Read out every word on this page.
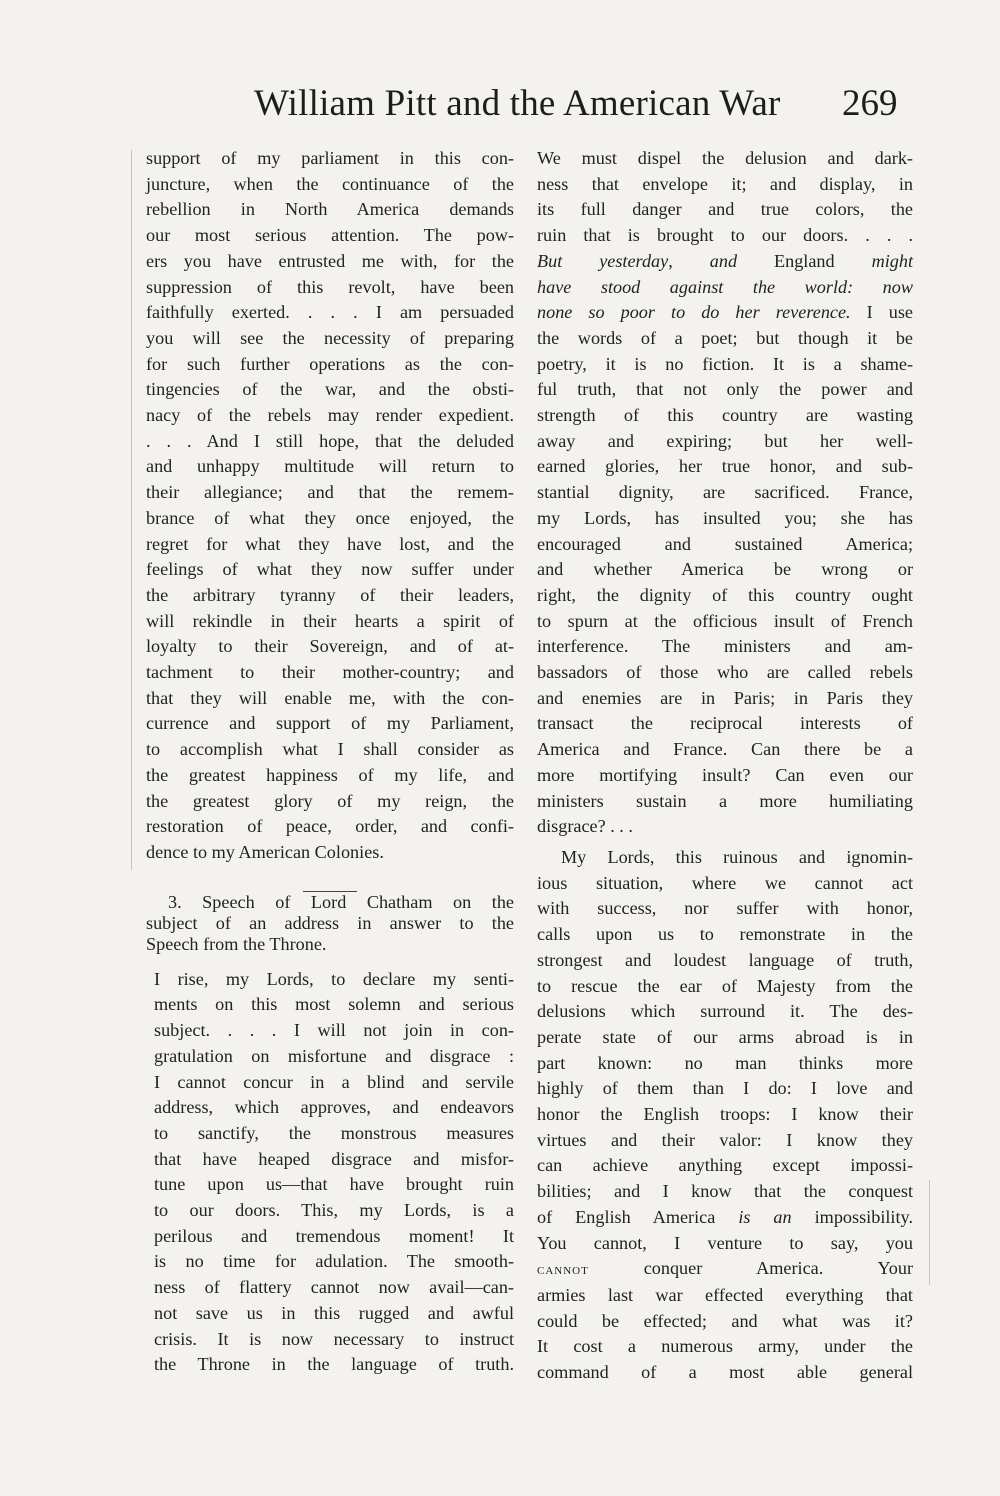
William Pitt and the American War 269

support of my parliament in this con-
juncture, when the continuance of the
rebellion in North America demands
our most serious attention. The pow-
ers you have entrusted me with, for the
suppression of this revolt, have been
faithfully exerted. . . . I am persuaded
you will see the necessity of preparing
for such further operations as the con-
tingencies of the war, and the obsti-
nacy of the rebels may render expedient.
. . . And I still hope, that the deluded
and unhappy multitude will return to
their allegiance; and that the remem-
brance of what they once enjoyed, the
regret for what they have lost, and the
feelings of what they now suffer under
the arbitrary tyranny of their leaders,
will rekindle in their hearts a spirit of
loyalty to their Sovereign, and of at-
tachment to their mother-country; and
that they will enable me, with the con-
currence and support of my Parliament,
to accomplish what I shall consider as
the greatest happiness of my life, and
the greatest glory of my reign, the
restoration of peace, order, and confi-
dence to my American Colonies.

3. Speech of Lord Chatham on the
subject of an address in answer to the
Speech from the Throne.

I rise, my Lords, to declare my senti-
ments on this most solemn and serious
subject. . . . I will not join in con-
gratulation on misfortune and disgrace :
I cannot concur in a blind and servile
address, which approves, and endeavors
to sanctify, the monstrous measures
that have heaped disgrace and misfor-
tune upon us—that have brought ruin
to our doors. This, my Lords, is a
perilous and tremendous moment! It
is no time for adulation. The smooth-
ness of flattery cannot now avail—can-
not save us in this rugged and awful
crisis. It is now necessary to instruct
the Throne in the language of truth.

We must dispel the delusion and dark-
ness that envelope it; and display, in
its full danger and true colors, the
ruin that is brought to our doors. . . .
But yesterday, and England might
have stood against the world: now
none so poor to do her reverence. I use
the words of a poet; but though it be
poetry, it is no fiction. It is a shame-
ful truth, that not only the power and
strength of this country are wasting
away and expiring; but her well-
earned glories, her true honor, and sub-
stantial dignity, are sacrificed. France,
my Lords, has insulted you; she has
encouraged and sustained America;
and whether America be wrong or
right, the dignity of this country ought
to spurn at the officious insult of French
interference. The ministers and am-
bassadors of those who are called rebels
and enemies are in Paris; in Paris they
transact the reciprocal interests of
America and France. Can there be a
more mortifying insult? Can even our
ministers sustain a more humiliating
disgrace? . . .

My Lords, this ruinous and ignomin-
ious situation, where we cannot act
with success, nor suffer with honor,
calls upon us to remonstrate in the
strongest and loudest language of truth,
to rescue the ear of Majesty from the
delusions which surround it. The des-
perate state of our arms abroad is in
part known: no man thinks more
highly of them than I do: I love and
honor the English troops: I know their
virtues and their valor: I know they
can achieve anything except impossi-
bilities; and I know that the conquest
of English America is an impossibility.
You cannot, I venture to say, you
cannot	conquer America. Your
armies last war effected everything that
could be effected; and what was it?
It cost a numerous army, under the
command of a most able general
